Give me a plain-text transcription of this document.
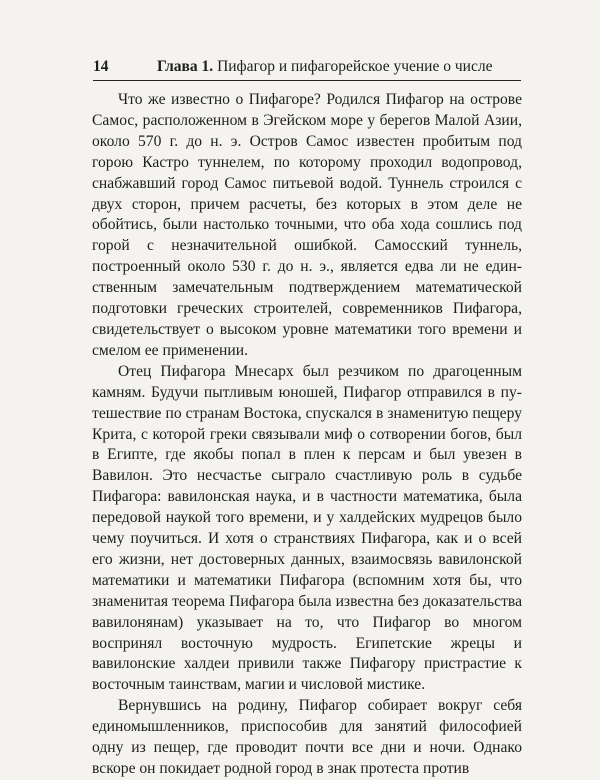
14	Глава 1. Пифагор и пифагорейское учение о числе

Что же известно о Пифагоре? Родился Пифагор на острове Самос, расположенном в Эгейском море у берегов Малой Азии, около 570 г. до н. э. Остров Самос известен пробитым под горою Кастро туннелем, по которому проходил водопровод, снабжавший город Самос питьевой водой. Туннель строился с двух сторон, причем расчеты, без которых в этом деле не обойтись, были настолько точными, что оба хода сошлись под горой с незначительной ошибкой. Самосский туннель, построенный около 530 г. до н. э., является едва ли не единственным замечательным подтверждением математической подготовки греческих строителей, современников Пифагора, свидетельствует о высоком уровне математики того времени и смелом ее применении.

Отец Пифагора Мнесарх был резчиком по драгоценным камням. Будучи пытливым юношей, Пифагор отправился в путешествие по странам Востока, спускался в знаменитую пещеру Крита, с которой греки связывали миф о сотворении богов, был в Египте, где якобы попал в плен к персам и был увезен в Вавилон. Это несчастье сыграло счастливую роль в судьбе Пифагора: вавилонская наука, и в частности математика, была передовой наукой того времени, и у халдейских мудрецов было чему поучиться. И хотя о странствиях Пифагора, как и о всей его жизни, нет достоверных данных, взаимосвязь вавилонской математики и математики Пифагора (вспомним хотя бы, что знаменитая теорема Пифагора была известна без доказательства вавилонянам) указывает на то, что Пифагор во многом воспринял восточную мудрость. Египетские жрецы и вавилонские халдеи привили также Пифагору пристрастие к восточным таинствам, магии и числовой мистике.

Вернувшись на родину, Пифагор собирает вокруг себя единомышленников, приспособив для занятий философией одну из пещер, где проводит почти все дни и ночи. Однако вскоре он покидает родной город в знак протеста против
